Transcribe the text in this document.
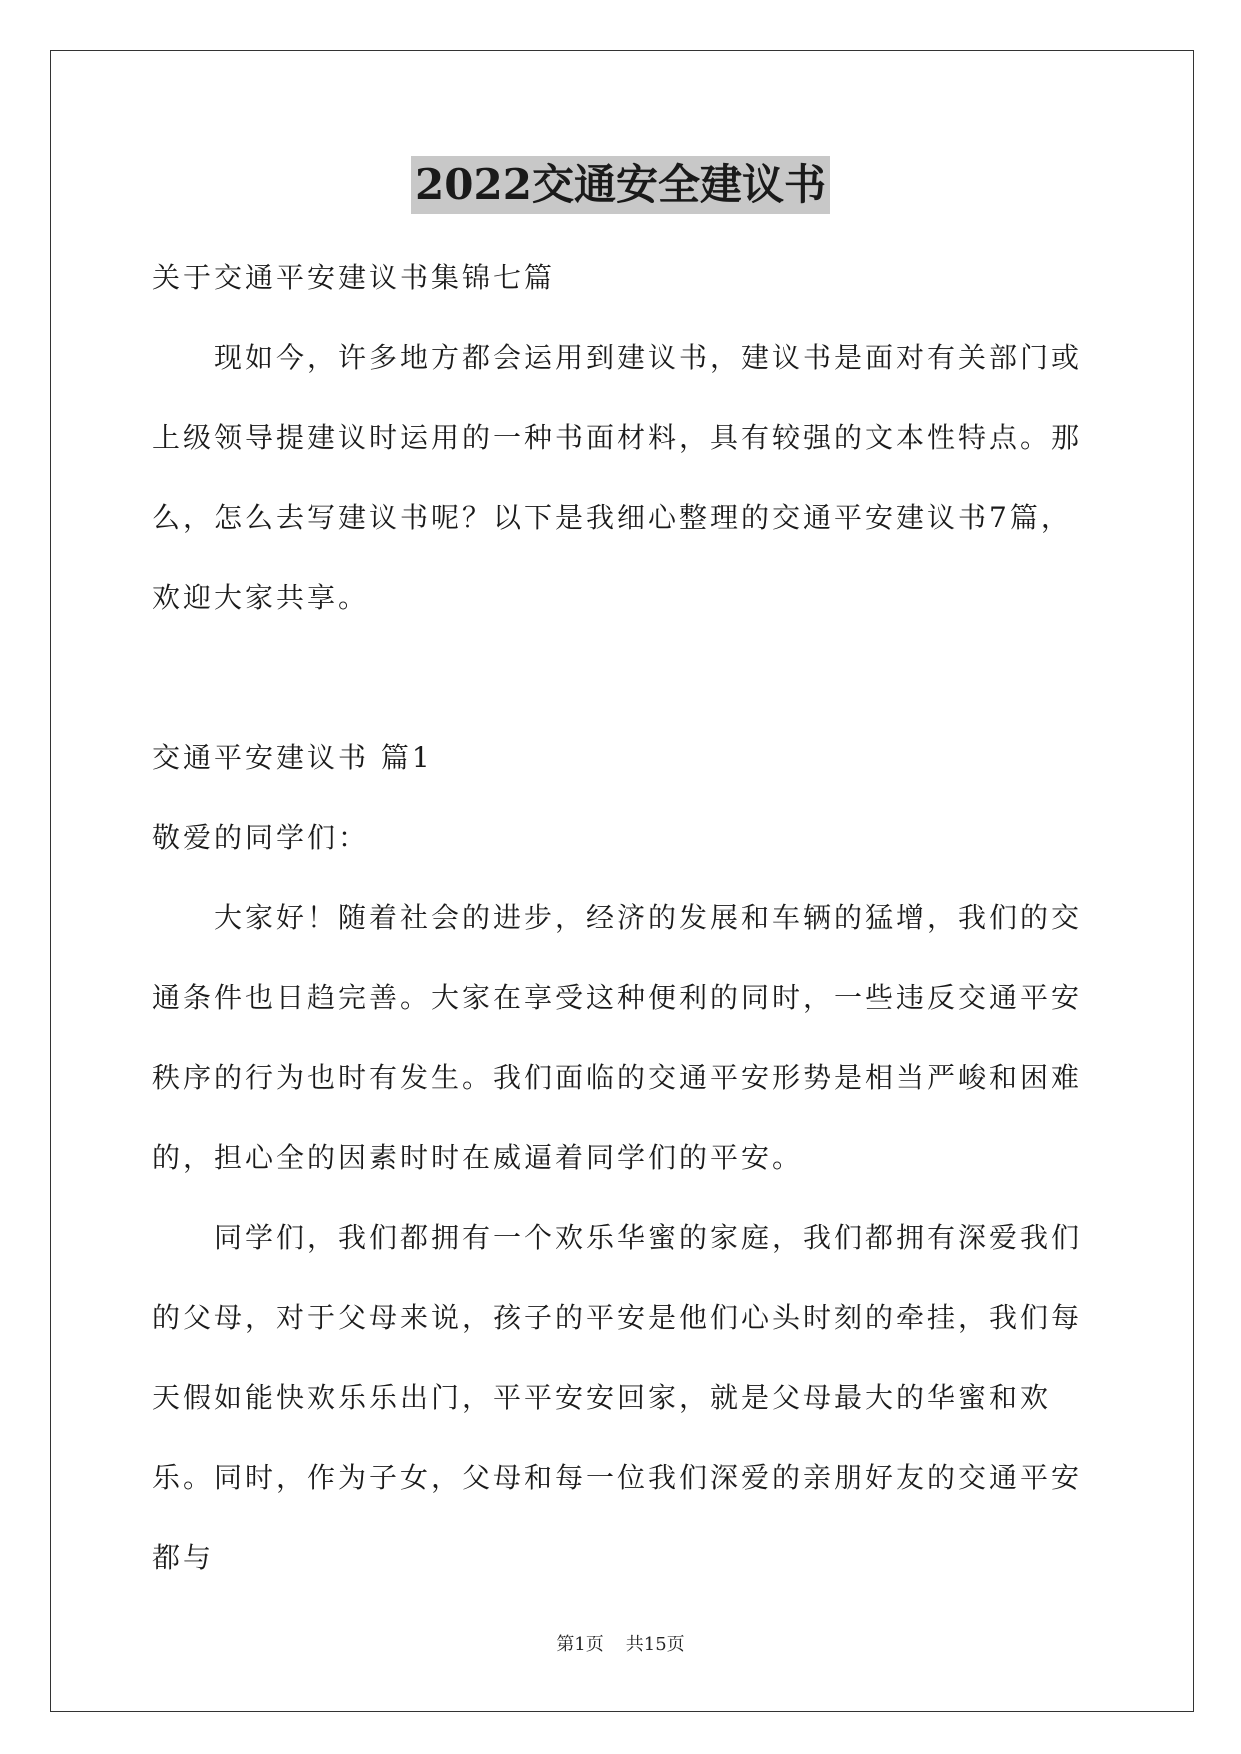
2022交通安全建议书

关于交通平安建议书集锦七篇

现如今，许多地方都会运用到建议书，建议书是面对有关部门或上级领导提建议时运用的一种书面材料，具有较强的文本性特点。那么，怎么去写建议书呢？以下是我细心整理的交通平安建议书7篇，欢迎大家共享。

交通平安建议书 篇1

敬爱的同学们：

大家好！随着社会的进步，经济的发展和车辆的猛增，我们的交通条件也日趋完善。大家在享受这种便利的同时，一些违反交通平安秩序的行为也时有发生。我们面临的交通平安形势是相当严峻和困难的，担心全的因素时时在威逼着同学们的平安。

同学们，我们都拥有一个欢乐华蜜的家庭，我们都拥有深爱我们的父母，对于父母来说，孩子的平安是他们心头时刻的牵挂，我们每天假如能快欢乐乐出门，平平安安回家，就是父母最大的华蜜和欢乐。同时，作为子女，父母和每一位我们深爱的亲朋好友的交通平安都与

第1页 共15页
